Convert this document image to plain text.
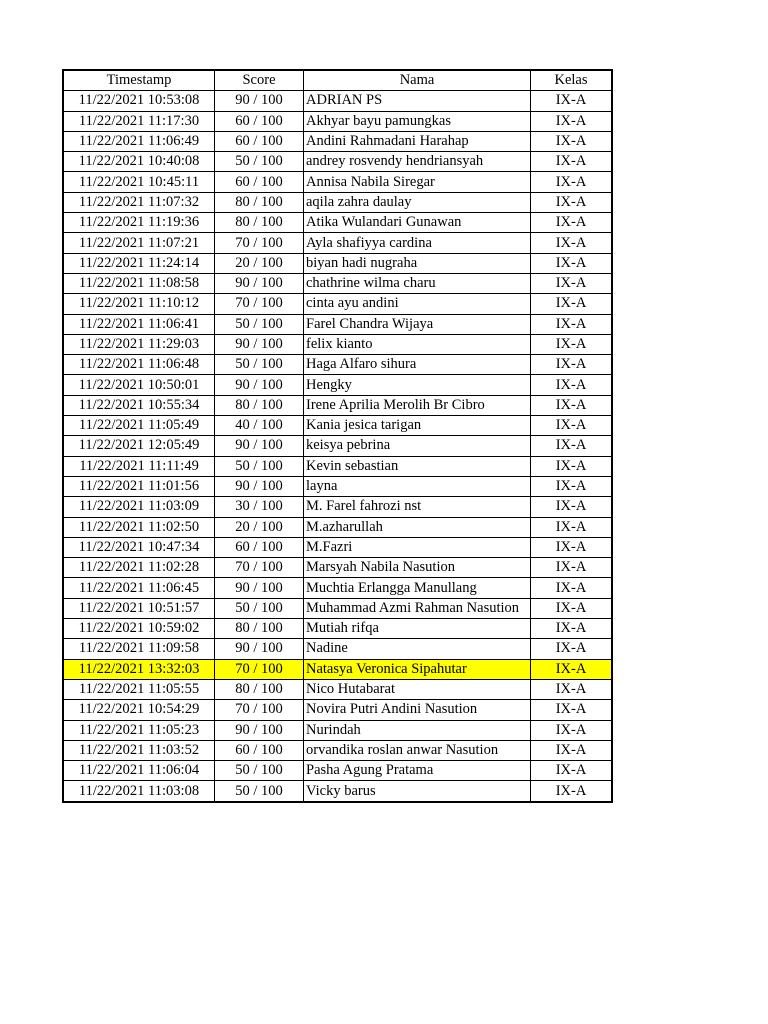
Timestamp	Score	Nama	Kelas
11/22/2021 10:53:08	90 / 100	ADRIAN PS	IX-A
11/22/2021 11:17:30	60 / 100	Akhyar bayu pamungkas	IX-A
11/22/2021 11:06:49	60 / 100	Andini Rahmadani Harahap	IX-A
11/22/2021 10:40:08	50 / 100	andrey rosvendy hendriansyah	IX-A
11/22/2021 10:45:11	60 / 100	Annisa Nabila Siregar	IX-A
11/22/2021 11:07:32	80 / 100	aqila zahra daulay	IX-A
11/22/2021 11:19:36	80 / 100	Atika Wulandari Gunawan	IX-A
11/22/2021 11:07:21	70 / 100	Ayla shafiyya cardina	IX-A
11/22/2021 11:24:14	20 / 100	biyan hadi nugraha	IX-A
11/22/2021 11:08:58	90 / 100	chathrine wilma charu	IX-A
11/22/2021 11:10:12	70 / 100	cinta ayu andini	IX-A
11/22/2021 11:06:41	50 / 100	Farel Chandra Wijaya	IX-A
11/22/2021 11:29:03	90 / 100	felix kianto	IX-A
11/22/2021 11:06:48	50 / 100	Haga Alfaro sihura	IX-A
11/22/2021 10:50:01	90 / 100	Hengky	IX-A
11/22/2021 10:55:34	80 / 100	Irene Aprilia Merolih Br Cibro	IX-A
11/22/2021 11:05:49	40 / 100	Kania jesica tarigan	IX-A
11/22/2021 12:05:49	90 / 100	keisya pebrina	IX-A
11/22/2021 11:11:49	50 / 100	Kevin sebastian	IX-A
11/22/2021 11:01:56	90 / 100	layna	IX-A
11/22/2021 11:03:09	30 / 100	M. Farel fahrozi nst	IX-A
11/22/2021 11:02:50	20 / 100	M.azharullah	IX-A
11/22/2021 10:47:34	60 / 100	M.Fazri	IX-A
11/22/2021 11:02:28	70 / 100	Marsyah Nabila Nasution	IX-A
11/22/2021 11:06:45	90 / 100	Muchtia Erlangga Manullang	IX-A
11/22/2021 10:51:57	50 / 100	Muhammad Azmi Rahman Nasution	IX-A
11/22/2021 10:59:02	80 / 100	Mutiah rifqa	IX-A
11/22/2021 11:09:58	90 / 100	Nadine	IX-A
11/22/2021 13:32:03	70 / 100	Natasya Veronica Sipahutar	IX-A
11/22/2021 11:05:55	80 / 100	Nico Hutabarat	IX-A
11/22/2021 10:54:29	70 / 100	Novira Putri Andini Nasution	IX-A
11/22/2021 11:05:23	90 / 100	Nurindah	IX-A
11/22/2021 11:03:52	60 / 100	orvandika roslan anwar Nasution	IX-A
11/22/2021 11:06:04	50 / 100	Pasha Agung Pratama	IX-A
11/22/2021 11:03:08	50 / 100	Vicky barus	IX-A
